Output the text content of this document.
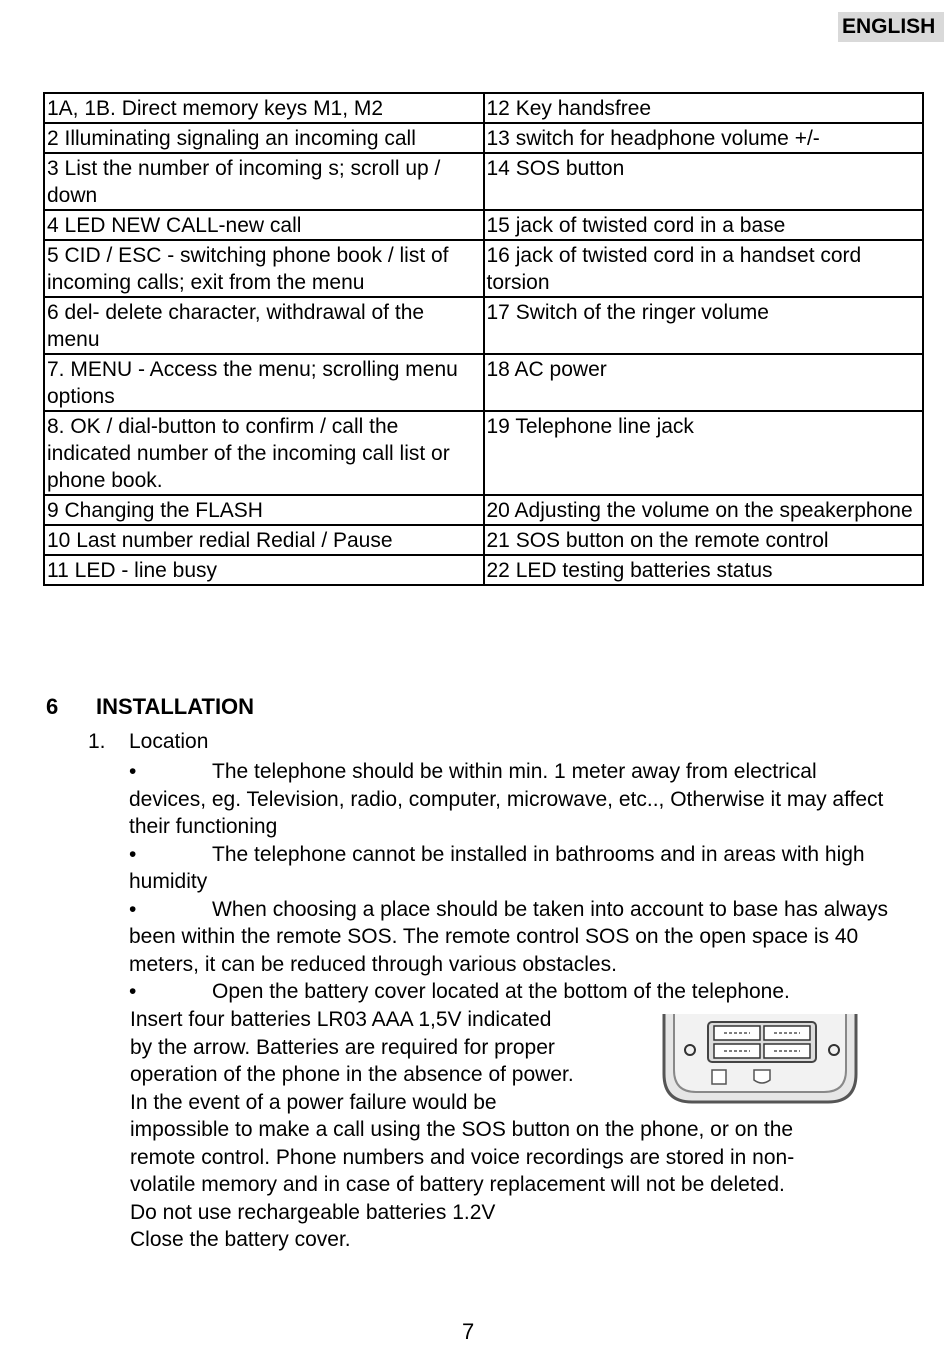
ENGLISH
1A, 1B. Direct memory keys M1, M2	12 Key handsfree
2 Illuminating signaling an incoming call	13 switch for headphone volume +/-
3 List the number of incoming s; scroll up / down	14 SOS button
4 LED NEW CALL-new call	15 jack of twisted cord in a base
5 CID / ESC - switching phone book / list of incoming calls; exit from the menu	16 jack of twisted cord in a handset cord torsion
6 del- delete character, withdrawal of the menu	17 Switch of the ringer volume
7. MENU - Access the menu; scrolling menu options	18 AC power
8. OK / dial-button to confirm / call the indicated number of the incoming call list or phone book.	19 Telephone line jack
9 Changing the FLASH	20 Adjusting the volume on the speakerphone
10 Last number redial Redial / Pause	21 SOS button on the remote control
11 LED - line busy	22 LED testing batteries status
6	INSTALLATION
1.	Location
•	The telephone should be within min. 1 meter away from electrical devices, eg. Television, radio, computer, microwave, etc.., Otherwise it may affect their functioning
•	The telephone cannot be installed in bathrooms and in areas with high humidity
•	When choosing a place should be taken into account to base has always been within the remote SOS. The remote control SOS on the open space is 40 meters, it can be reduced through various obstacles.
•	Open the battery cover located at the bottom of the telephone.
Insert four batteries LR03 AAA 1,5V indicated
by the arrow. Batteries are required for proper
operation of the phone in the absence of power.
In the event of a power failure would be
impossible to make a call using the SOS button on the phone, or on the
remote control. Phone numbers and voice recordings are stored in non-
volatile memory and in case of battery replacement will not be deleted.
Do not use rechargeable batteries 1.2V
Close the battery cover.
7
